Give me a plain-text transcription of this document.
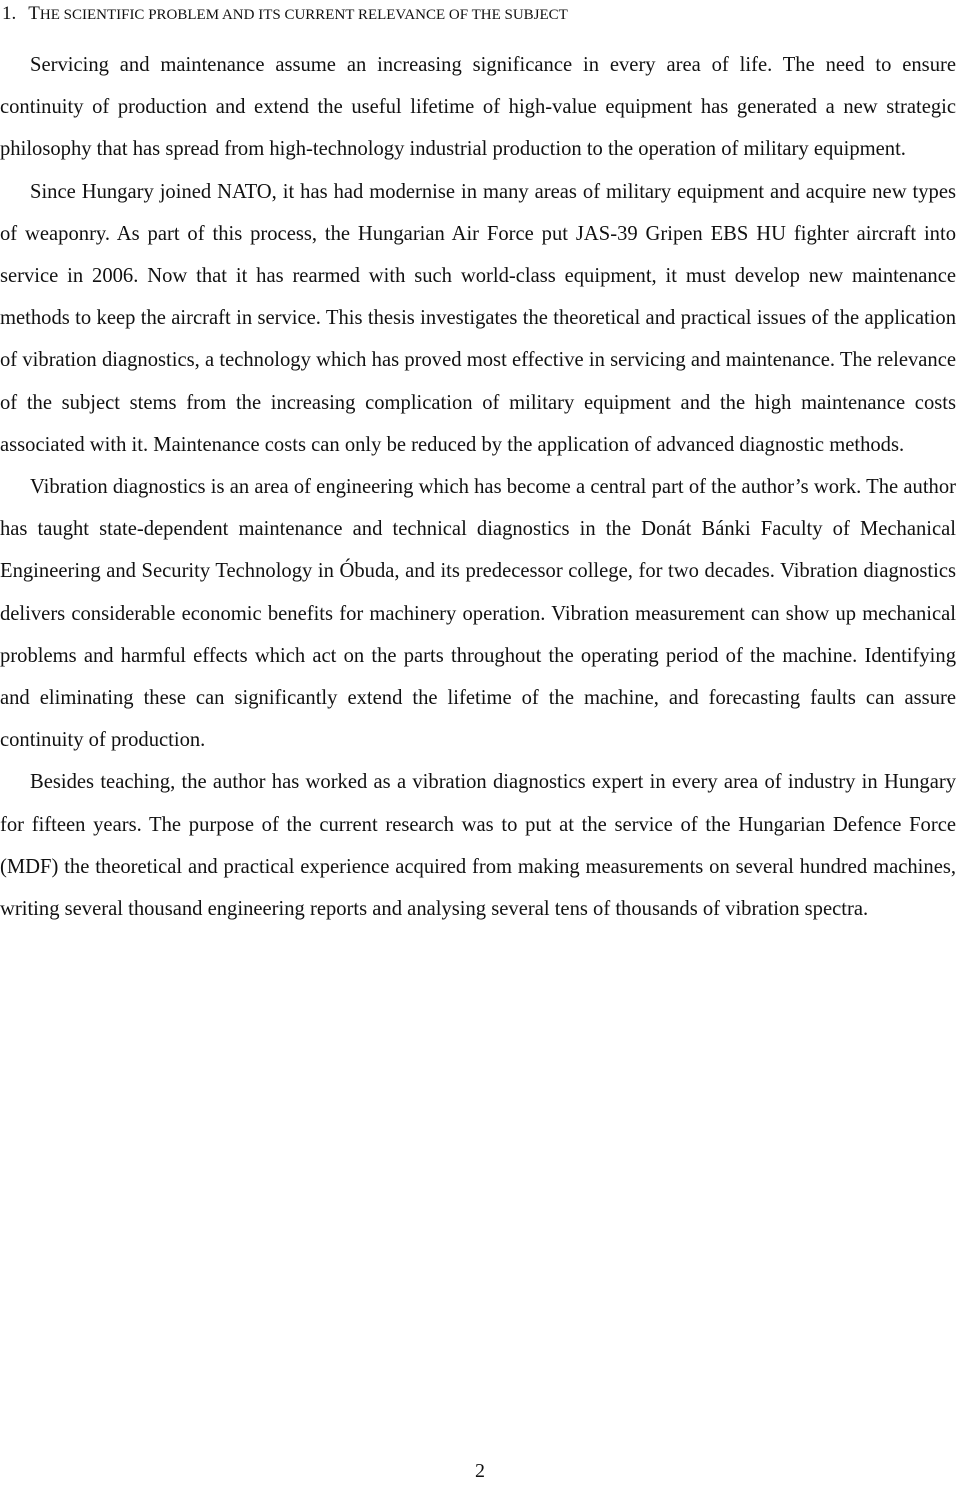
1. THE SCIENTIFIC PROBLEM AND ITS CURRENT RELEVANCE OF THE SUBJECT

Servicing and maintenance assume an increasing significance in every area of life. The need to ensure continuity of production and extend the useful lifetime of high-value equipment has generated a new strategic philosophy that has spread from high-technology industrial production to the operation of military equipment.

Since Hungary joined NATO, it has had modernise in many areas of military equipment and acquire new types of weaponry. As part of this process, the Hungarian Air Force put JAS-39 Gripen EBS HU fighter aircraft into service in 2006. Now that it has rearmed with such world-class equipment, it must develop new maintenance methods to keep the aircraft in service. This thesis investigates the theoretical and practical issues of the application of vibration diagnostics, a technology which has proved most effective in servicing and maintenance. The relevance of the subject stems from the increasing complication of military equipment and the high maintenance costs associated with it. Maintenance costs can only be reduced by the application of advanced diagnostic methods.

Vibration diagnostics is an area of engineering which has become a central part of the author’s work. The author has taught state-dependent maintenance and technical diagnostics in the Donát Bánki Faculty of Mechanical Engineering and Security Technology in Óbuda, and its predecessor college, for two decades. Vibration diagnostics delivers considerable economic benefits for machinery operation. Vibration measurement can show up mechanical problems and harmful effects which act on the parts throughout the operating period of the machine. Identifying and eliminating these can significantly extend the lifetime of the machine, and forecasting faults can assure continuity of production.

Besides teaching, the author has worked as a vibration diagnostics expert in every area of industry in Hungary for fifteen years. The purpose of the current research was to put at the service of the Hungarian Defence Force (MDF) the theoretical and practical experience acquired from making measurements on several hundred machines, writing several thousand engineering reports and analysing several tens of thousands of vibration spectra.

2
